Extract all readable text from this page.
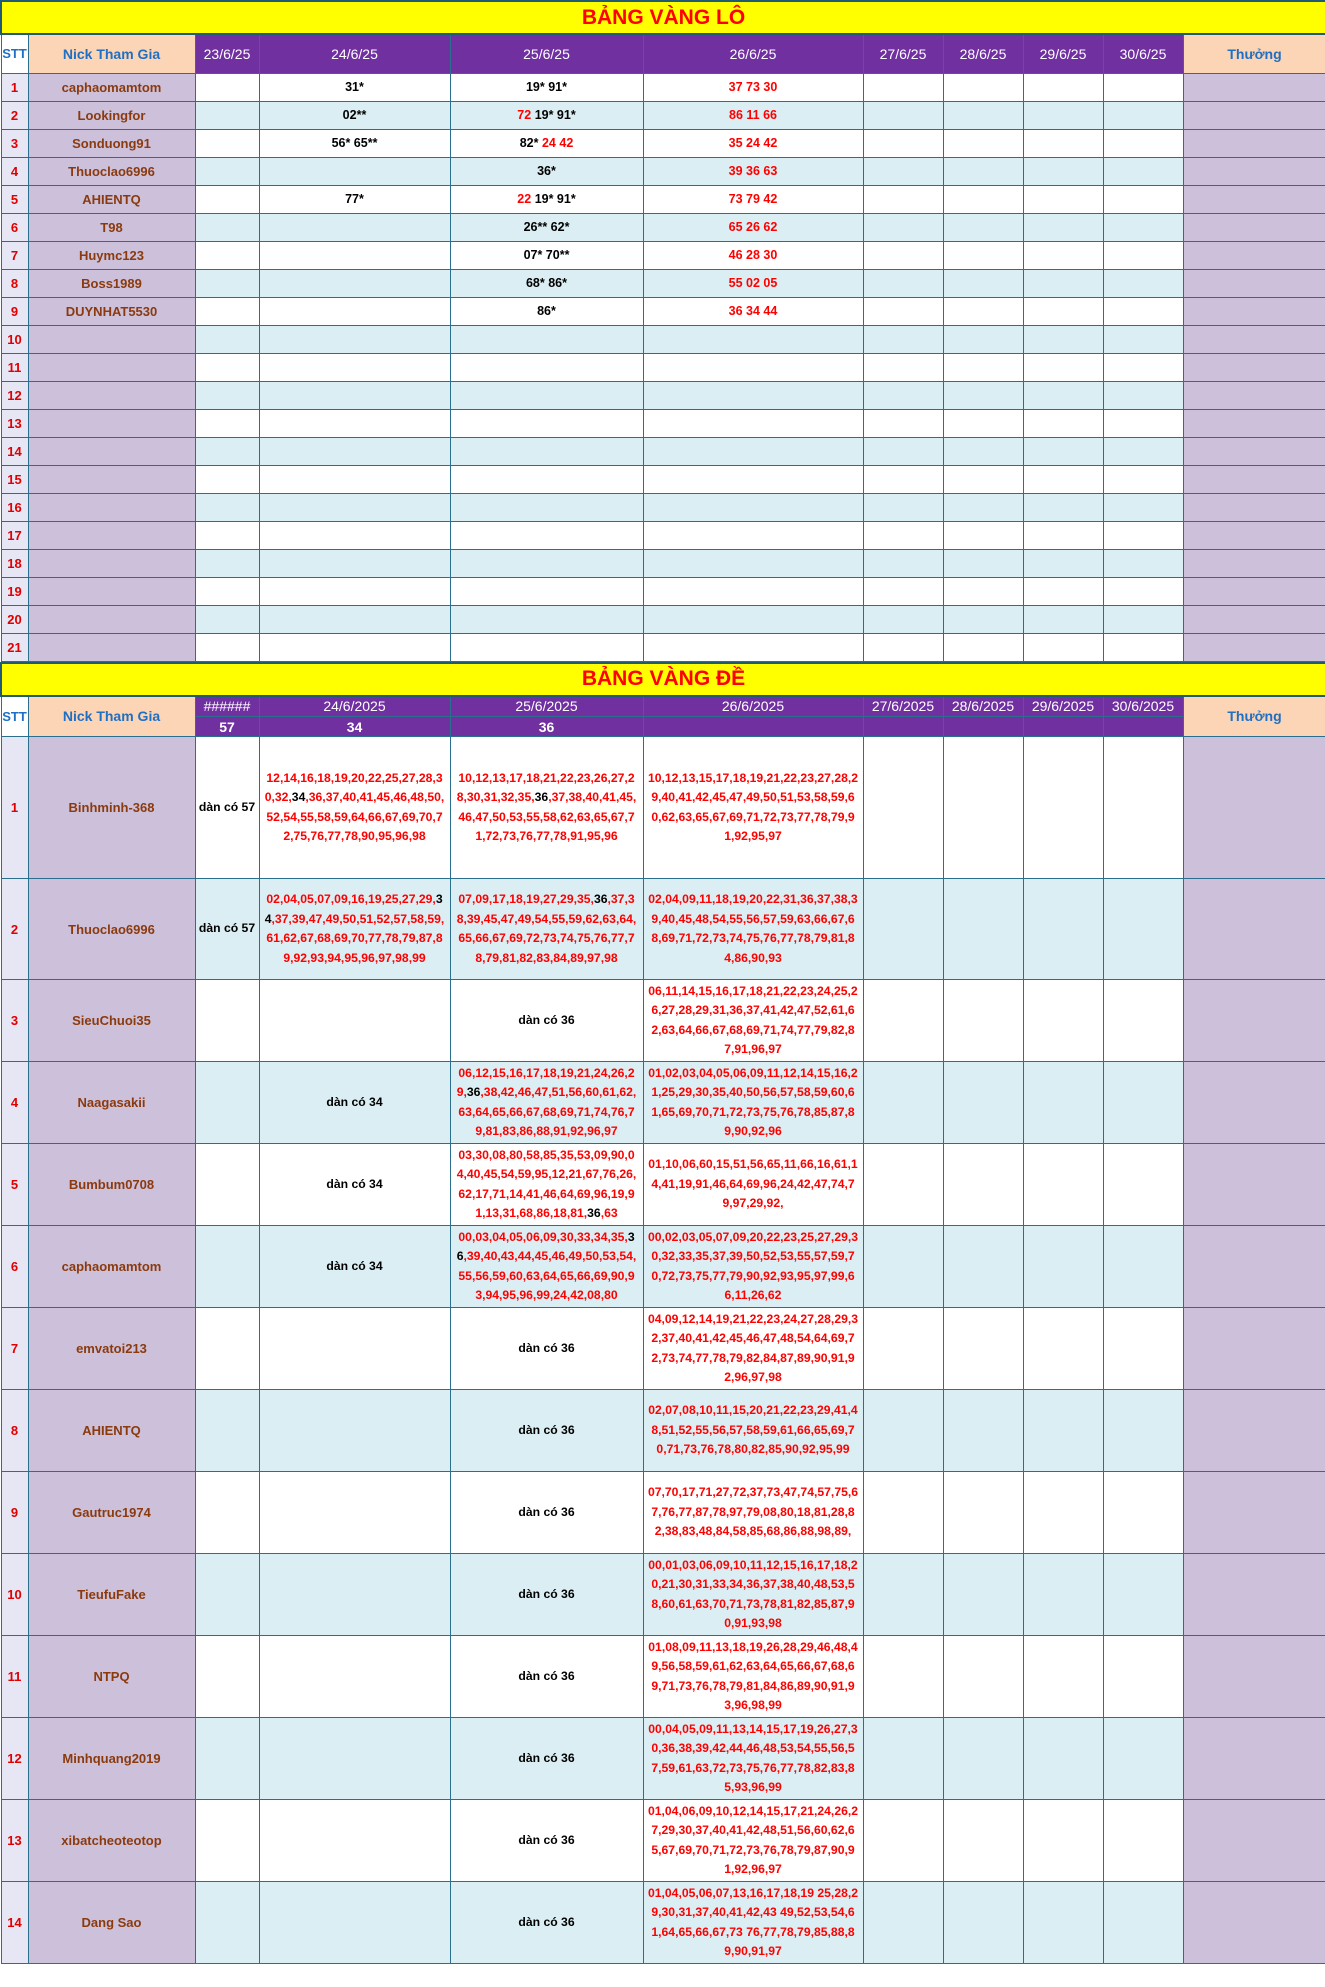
BẢNG VÀNG LÔ										
STT	Nick Tham Gia	23/6/25	24/6/25	25/6/25	26/6/25	27/6/25	28/6/25	29/6/25	30/6/25	Thưởng
1	caphaomamtom		31*	19* 91*	37 73 30					
2	Lookingfor		02**	72 19* 91*	86 11 66					
3	Sonduong91		56* 65**	82* 24 42	35 24 42					
4	Thuoclao6996			36*	39 36 63					
5	AHIENTQ		77*	22 19* 91*	73 79 42					
6	T98			26** 62*	65 26 62					
7	Huymc123			07* 70**	46 28 30					
8	Boss1989			68* 86*	55 02 05					
9	DUYNHAT5530			86*	36 34 44					
10										
11										
12										
13										
14										
15										
16										
17										
18										
19										
20										
21										
BẢNG VÀNG ĐỀ										
STT	Nick Tham Gia	######	24/6/2025	25/6/2025	26/6/2025	27/6/2025	28/6/2025	29/6/2025	30/6/2025	Thưởng
		57	34	36						
1	Binhminh-368	dàn có 57	12,14,16,18,19,20,22,25,27,28,30,32,34,36,37,40,41,45,46,48,50,52,54,55,58,59,64,66,67,69,70,72,75,76,77,78,90,95,96,98	10,12,13,17,18,21,22,23,26,27,28,30,31,32,35,36,37,38,40,41,45,46,47,50,53,55,58,62,63,65,67,71,72,73,76,77,78,91,95,96	10,12,13,15,17,18,19,21,22,23,27,28,29,40,41,42,45,47,49,50,51,53,58,59,60,62,63,65,67,69,71,72,73,77,78,79,91,92,95,97					
2	Thuoclao6996	dàn có 57	02,04,05,07,09,16,19,25,27,29,34,37,39,47,49,50,51,52,57,58,59,61,62,67,68,69,70,77,78,79,87,89,92,93,94,95,96,97,98,99	07,09,17,18,19,27,29,35,36,37,38,39,45,47,49,54,55,59,62,63,64,65,66,67,69,72,73,74,75,76,77,78,79,81,82,83,84,89,97,98	02,04,09,11,18,19,20,22,31,36,37,38,39,40,45,48,54,55,56,57,59,63,66,67,68,69,71,72,73,74,75,76,77,78,79,81,84,86,90,93					
3	SieuChuoi35			dàn có 36	06,11,14,15,16,17,18,21,22,23,24,25,26,27,28,29,31,36,37,41,42,47,52,61,62,63,64,66,67,68,69,71,74,77,79,82,87,91,96,97					
4	Naagasakii		dàn có 34	06,12,15,16,17,18,19,21,24,26,29,36,38,42,46,47,51,56,60,61,62,63,64,65,66,67,68,69,71,74,76,79,81,83,86,88,91,92,96,97	01,02,03,04,05,06,09,11,12,14,15,16,21,25,29,30,35,40,50,56,57,58,59,60,61,65,69,70,71,72,73,75,76,78,85,87,89,90,92,96					
5	Bumbum0708		dàn có 34	03,30,08,80,58,85,35,53,09,90,04,40,45,54,59,95,12,21,67,76,26,62,17,71,14,41,46,64,69,96,19,91,13,31,68,86,18,81,36,63	01,10,06,60,15,51,56,65,11,66,16,61,14,41,19,91,46,64,69,96,24,42,47,74,79,97,29,92,					
6	caphaomamtom		dàn có 34	00,03,04,05,06,09,30,33,34,35,36,39,40,43,44,45,46,49,50,53,54,55,56,59,60,63,64,65,66,69,90,93,94,95,96,99,24,42,08,80	00,02,03,05,07,09,20,22,23,25,27,29,30,32,33,35,37,39,50,52,53,55,57,59,70,72,73,75,77,79,90,92,93,95,97,99,66,11,26,62					
7	emvatoi213			dàn có 36	04,09,12,14,19,21,22,23,24,27,28,29,32,37,40,41,42,45,46,47,48,54,64,69,72,73,74,77,78,79,82,84,87,89,90,91,92,96,97,98					
8	AHIENTQ			dàn có 36	02,07,08,10,11,15,20,21,22,23,29,41,48,51,52,55,56,57,58,59,61,66,65,69,70,71,73,76,78,80,82,85,90,92,95,99					
9	Gautruc1974			dàn có 36	07,70,17,71,27,72,37,73,47,74,57,75,67,76,77,87,78,97,79,08,80,18,81,28,82,38,83,48,84,58,85,68,86,88,98,89,					
10	TieufuFake			dàn có 36	00,01,03,06,09,10,11,12,15,16,17,18,20,21,30,31,33,34,36,37,38,40,48,53,58,60,61,63,70,71,73,78,81,82,85,87,90,91,93,98					
11	NTPQ			dàn có 36	01,08,09,11,13,18,19,26,28,29,46,48,49,56,58,59,61,62,63,64,65,66,67,68,69,71,73,76,78,79,81,84,86,89,90,91,93,96,98,99					
12	Minhquang2019			dàn có 36	00,04,05,09,11,13,14,15,17,19,26,27,30,36,38,39,42,44,46,48,53,54,55,56,57,59,61,63,72,73,75,76,77,78,82,83,85,93,96,99					
13	xibatcheoteotop			dàn có 36	01,04,06,09,10,12,14,15,17,21,24,26,27,29,30,37,40,41,42,48,51,56,60,62,65,67,69,70,71,72,73,76,78,79,87,90,91,92,96,97					
14	Dang Sao			dàn có 36	01,04,05,06,07,13,16,17,18,19 25,28,29,30,31,37,40,41,42,43 49,52,53,54,61,64,65,66,67,73 76,77,78,79,85,88,89,90,91,97					
